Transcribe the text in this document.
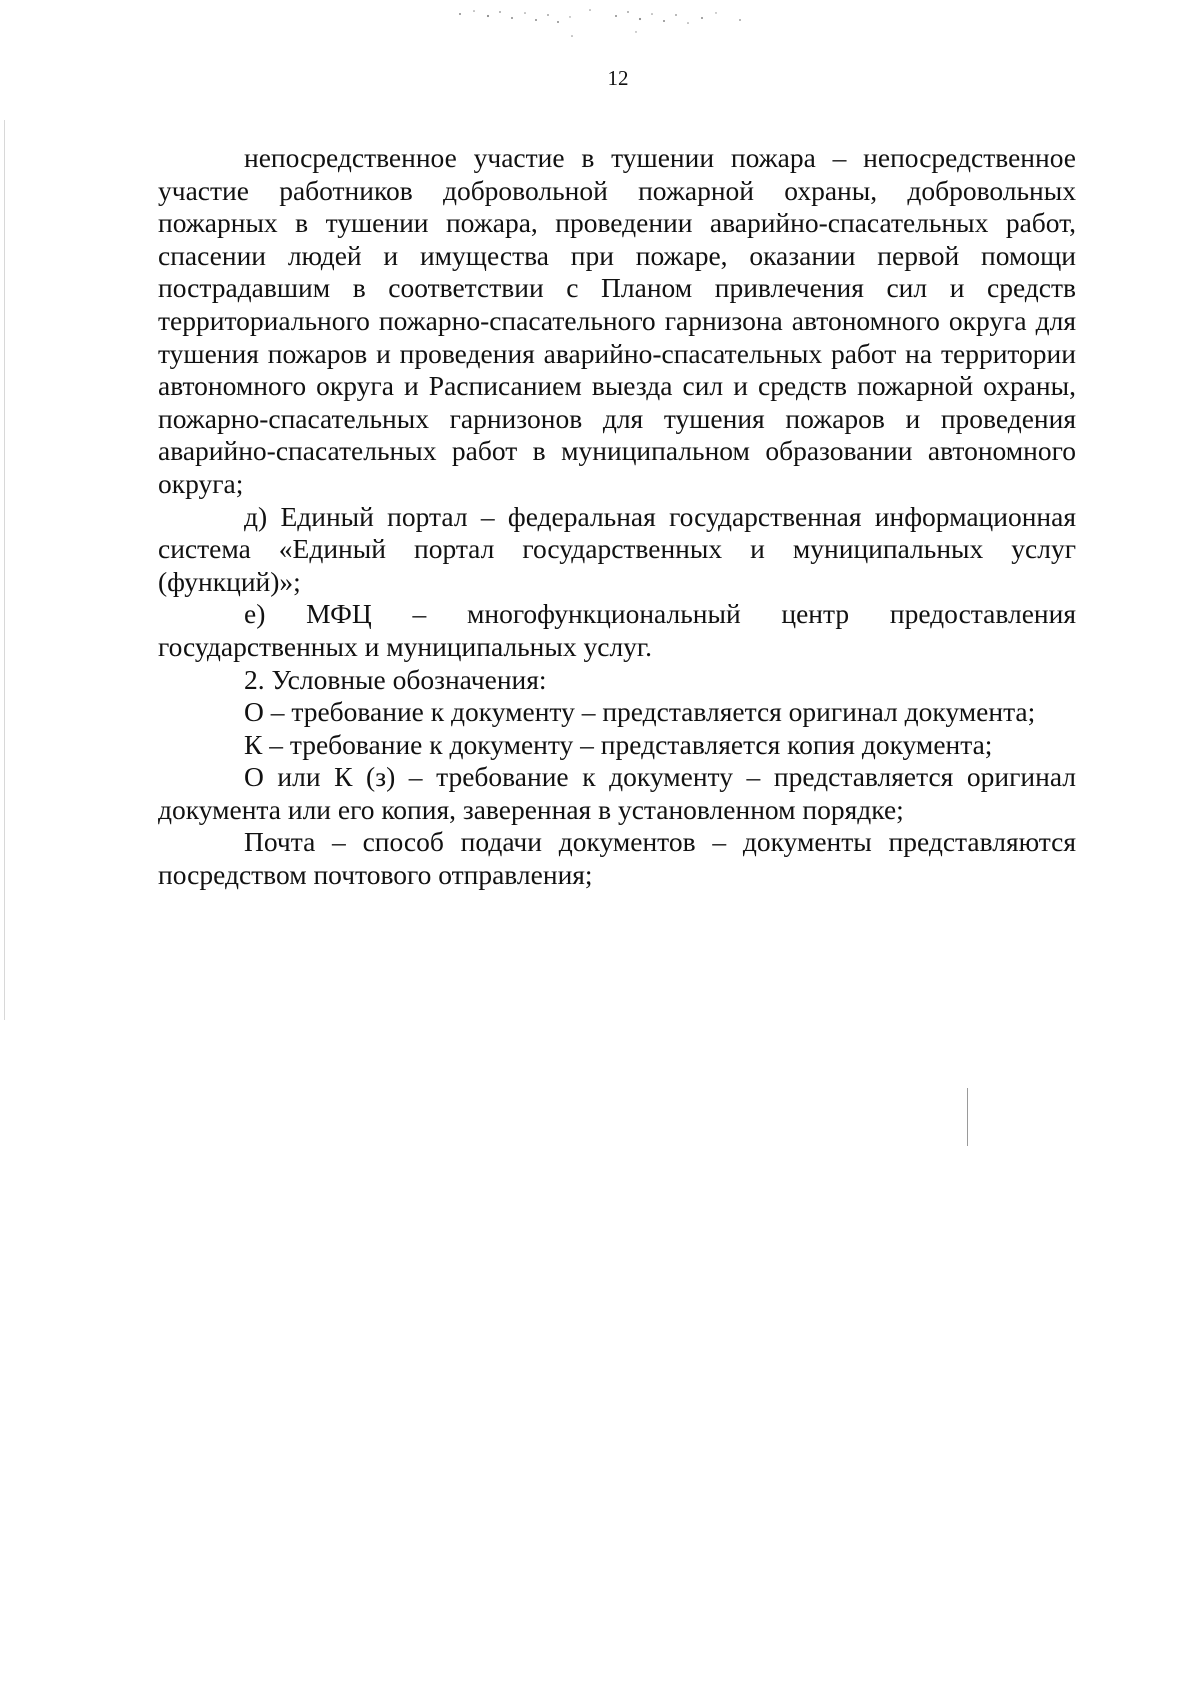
12

непосредственное участие в тушении пожара – непосредственное участие работников добровольной пожарной охраны, добровольных пожарных в тушении пожара, проведении аварийно-спасательных работ, спасении людей и имущества при пожаре, оказании первой помощи пострадавшим в соответствии с Планом привлечения сил и средств территориального пожарно-спасательного гарнизона автономного округа для тушения пожаров и проведения аварийно-спасательных работ на территории автономного округа и Расписанием выезда сил и средств пожарной охраны, пожарно-спасательных гарнизонов для тушения пожаров и проведения аварийно-спасательных работ в муниципальном образовании автономного округа;

д) Единый портал – федеральная государственная информационная система «Единый портал государственных и муниципальных услуг (функций)»;

е) МФЦ – многофункциональный центр предоставления государственных и муниципальных услуг.

2. Условные обозначения:

О – требование к документу – представляется оригинал документа;

К – требование к документу – представляется копия документа;

О или К (з) – требование к документу – представляется оригинал документа или его копия, заверенная в установленном порядке;

Почта – способ подачи документов – документы представляются посредством почтового отправления;
